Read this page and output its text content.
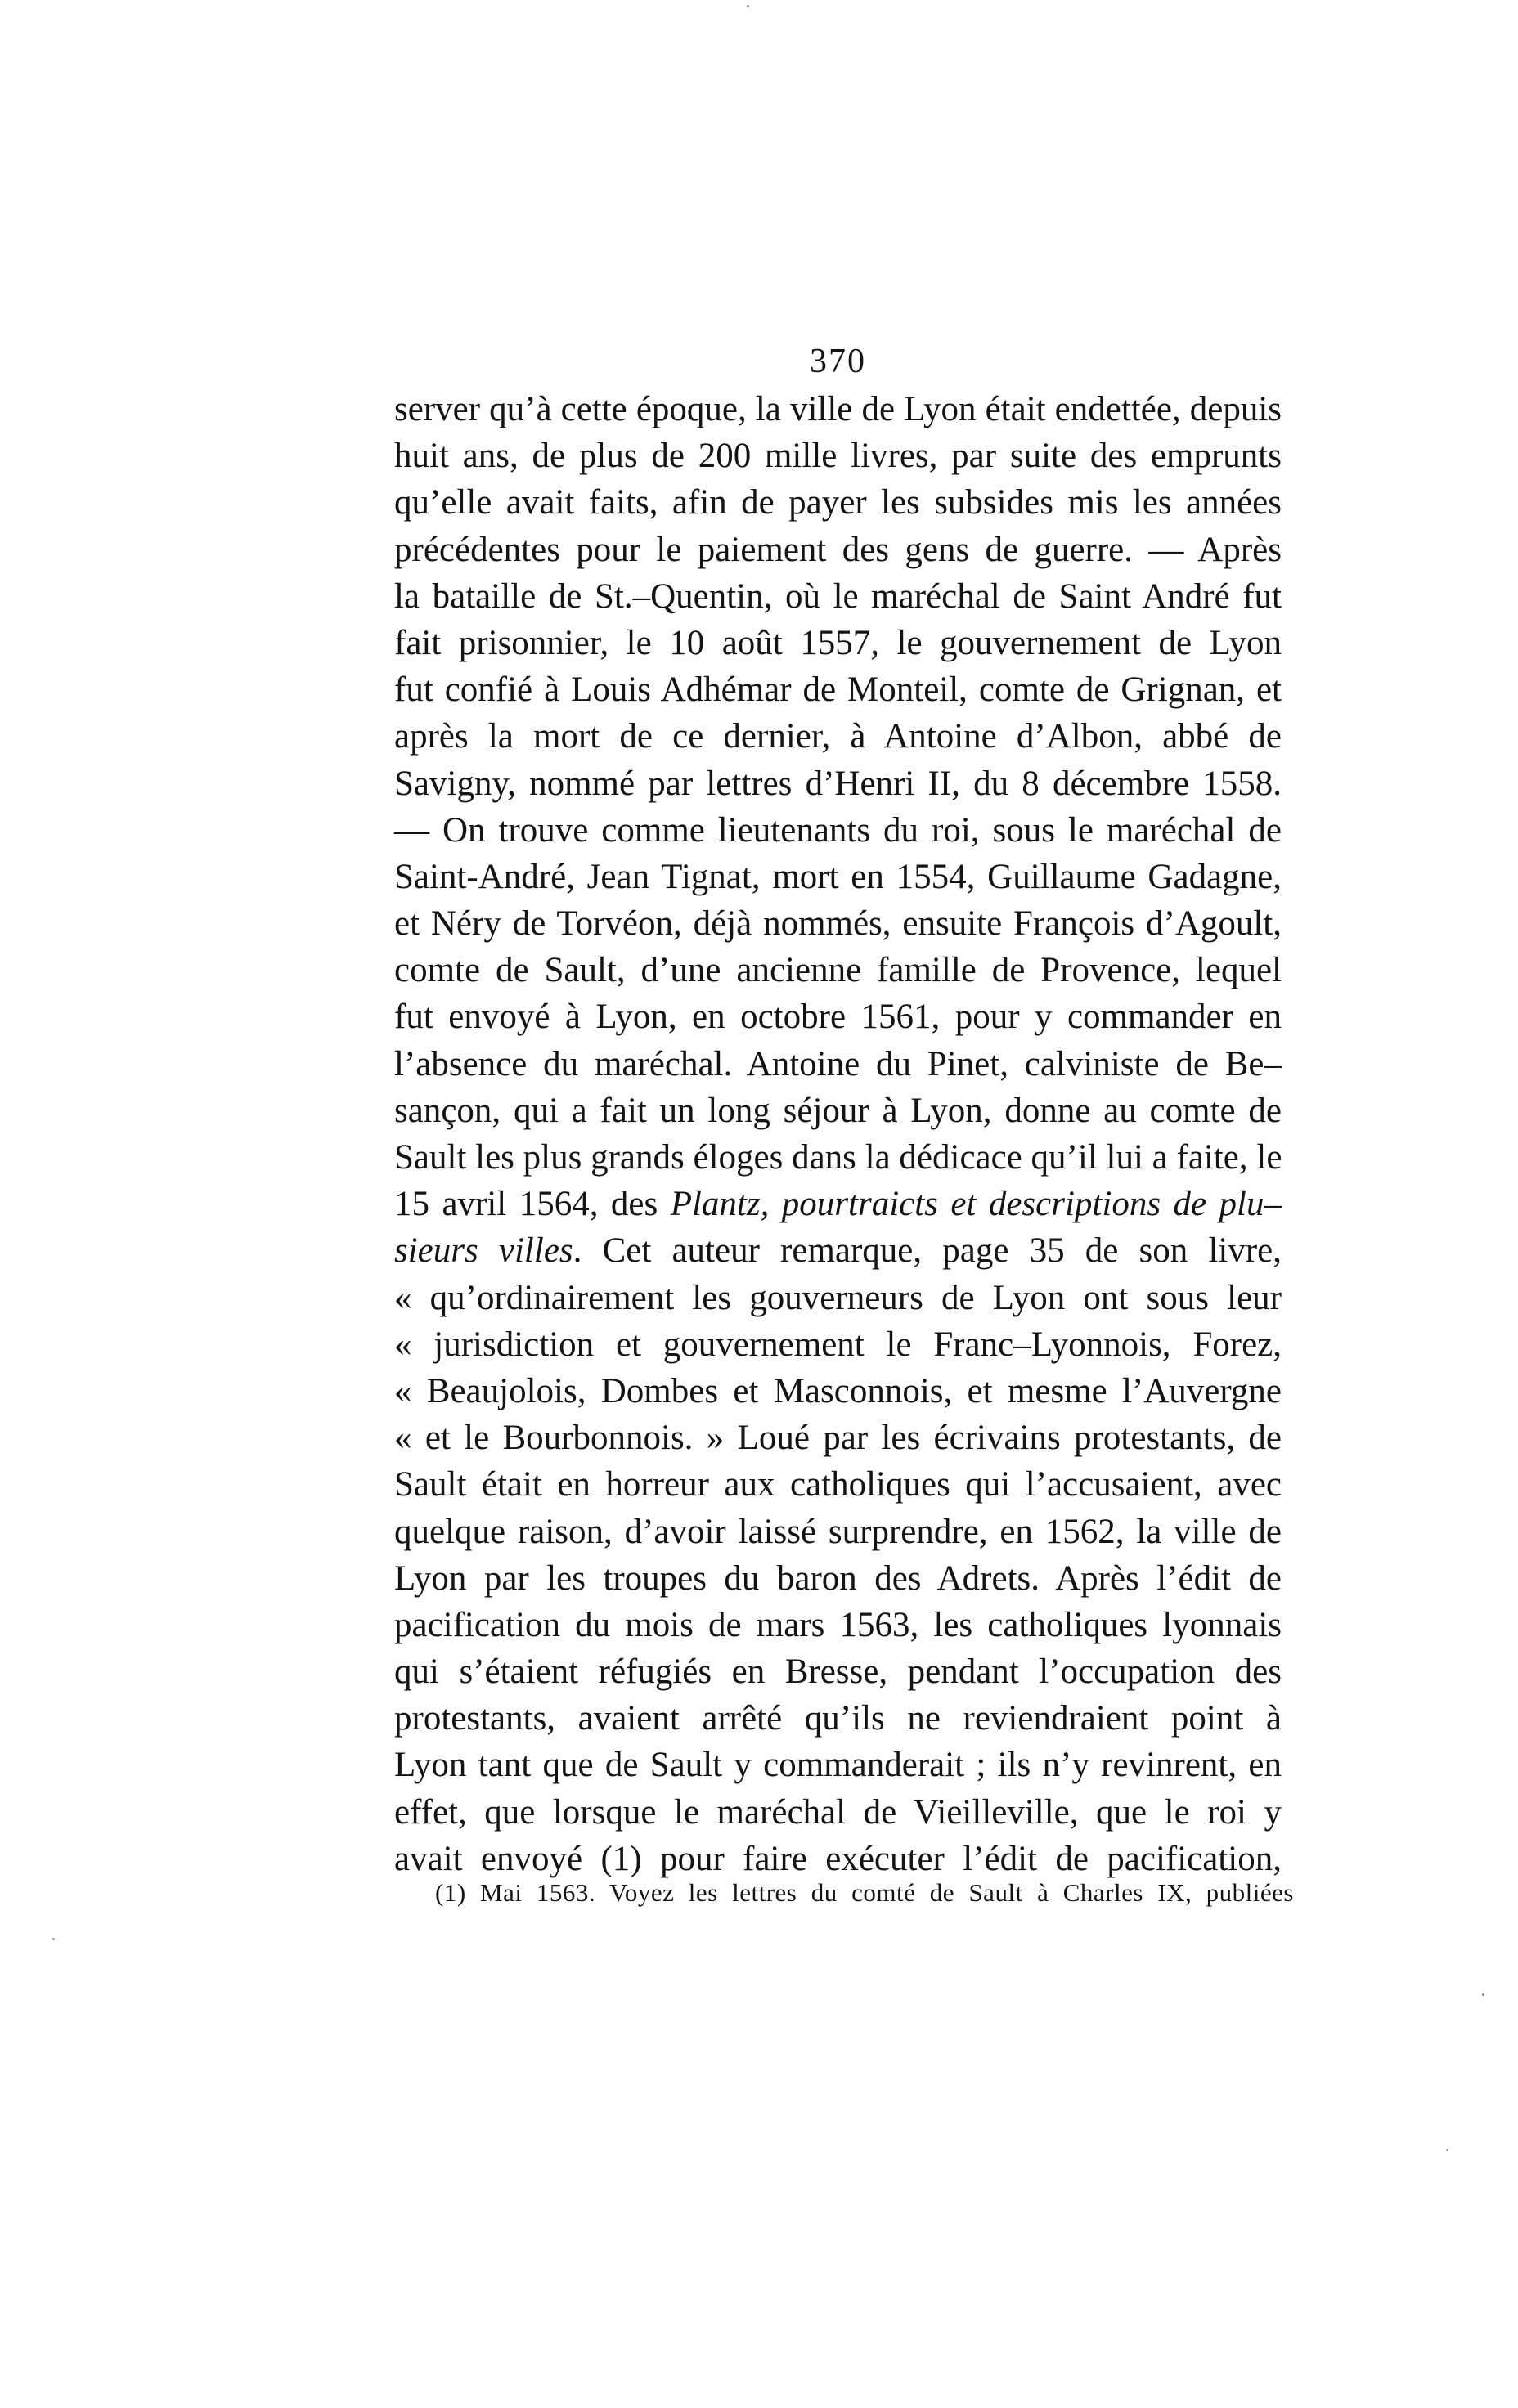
370
server qu’à cette époque, la ville de Lyon était endettée, depuis
huit ans, de plus de 200 mille livres, par suite des emprunts
qu’elle avait faits, afin de payer les subsides mis les années
précédentes pour le paiement des gens de guerre. — Après
la bataille de St.–Quentin, où le maréchal de Saint André fut
fait prisonnier, le 10 août 1557, le gouvernement de Lyon
fut confié à Louis Adhémar de Monteil, comte de Grignan, et
après la mort de ce dernier, à Antoine d’Albon, abbé de
Savigny, nommé par lettres d’Henri II, du 8 décembre 1558.
— On trouve comme lieutenants du roi, sous le maréchal de
Saint-André, Jean Tignat, mort en 1554, Guillaume Gadagne,
et Néry de Torvéon, déjà nommés, ensuite François d’Agoult,
comte de Sault, d’une ancienne famille de Provence, lequel
fut envoyé à Lyon, en octobre 1561, pour y commander en
l’absence du maréchal. Antoine du Pinet, calviniste de Be–
sançon, qui a fait un long séjour à Lyon, donne au comte de
Sault les plus grands éloges dans la dédicace qu’il lui a faite, le
15 avril 1564, des Plantz, pourtraicts et descriptions de plu–
sieurs villes. Cet auteur remarque, page 35 de son livre,
« qu’ordinairement les gouverneurs de Lyon ont sous leur
« jurisdiction et gouvernement le Franc–Lyonnois, Forez,
« Beaujolois, Dombes et Masconnois, et mesme l’Auvergne
« et le Bourbonnois. » Loué par les écrivains protestants, de
Sault était en horreur aux catholiques qui l’accusaient, avec
quelque raison, d’avoir laissé surprendre, en 1562, la ville de
Lyon par les troupes du baron des Adrets. Après l’édit de
pacification du mois de mars 1563, les catholiques lyonnais
qui s’étaient réfugiés en Bresse, pendant l’occupation des
protestants, avaient arrêté qu’ils ne reviendraient point à
Lyon tant que de Sault y commanderait ; ils n’y revinrent, en
effet, que lorsque le maréchal de Vieilleville, que le roi y
avait envoyé (1) pour faire exécuter l’édit de pacification,
(1) Mai 1563. Voyez les lettres du comté de Sault à Charles IX, publiées
